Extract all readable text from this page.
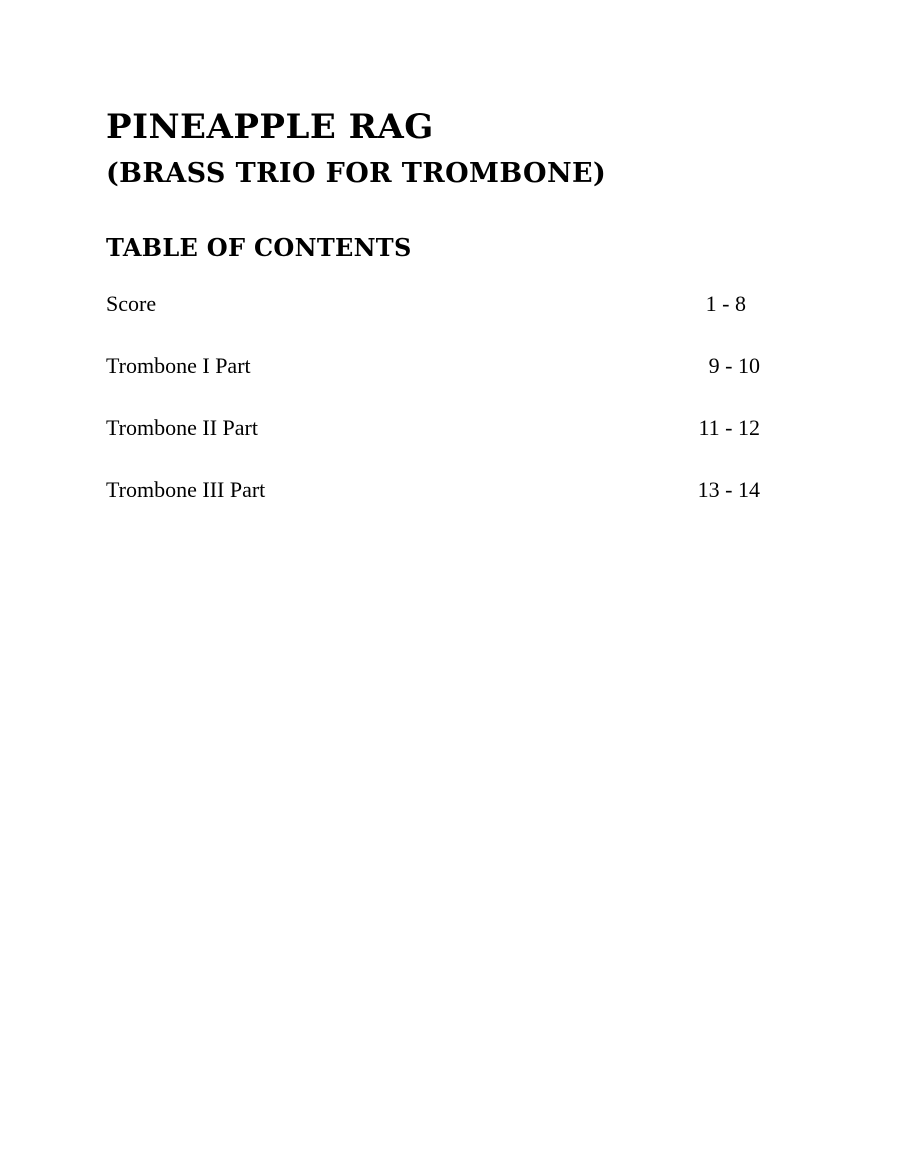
PINEAPPLE RAG
(BRASS TRIO FOR TROMBONE)
TABLE OF CONTENTS
Score	1 - 8
Trombone I Part	9 - 10
Trombone II Part	11 - 12
Trombone III Part	13 - 14
